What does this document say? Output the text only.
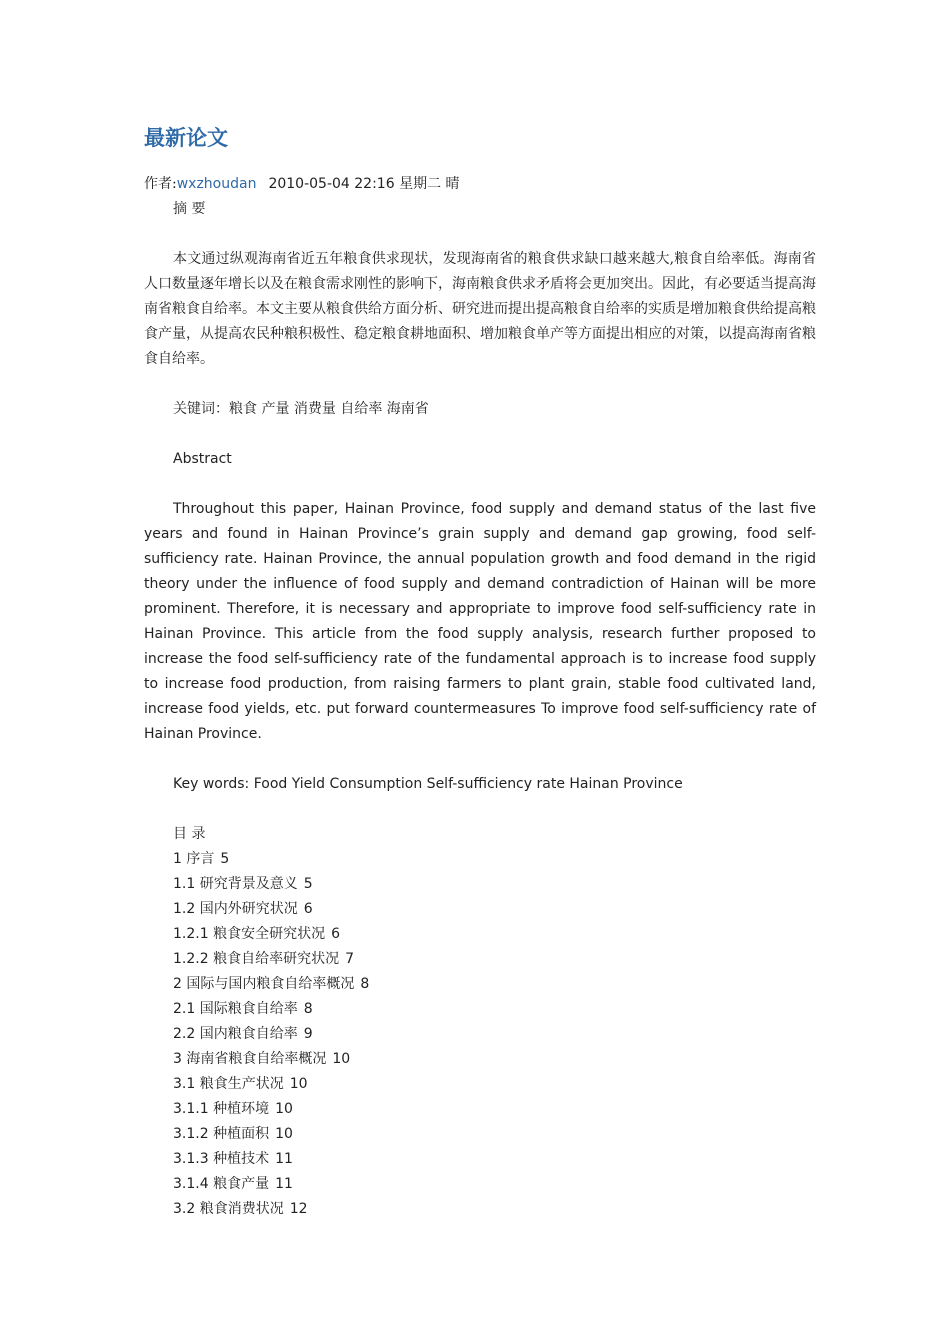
最新论文
作者:wxzhoudan 2010-05-04 22:16 星期二 晴

摘 要

本文通过纵观海南省近五年粮食供求现状，发现海南省的粮食供求缺口越来越大,粮食自给率低。海南省人口数量逐年增长以及在粮食需求刚性的影响下，海南粮食供求矛盾将会更加突出。因此，有必要适当提高海南省粮食自给率。本文主要从粮食供给方面分析、研究进而提出提高粮食自给率的实质是增加粮食供给提高粮食产量，从提高农民种粮积极性、稳定粮食耕地面积、增加粮食单产等方面提出相应的对策，以提高海南省粮食自给率。

关键词：粮食 产量 消费量 自给率 海南省

Abstract

Throughout this paper, Hainan Province, food supply and demand status of the last five years and found in Hainan Province’s grain supply and demand gap growing, food self-sufficiency rate. Hainan Province, the annual population growth and food demand in the rigid theory under the influence of food supply and demand contradiction of Hainan will be more prominent. Therefore, it is necessary and appropriate to improve food self-sufficiency rate in Hainan Province. This article from the food supply analysis, research further proposed to increase the food self-sufficiency rate of the fundamental approach is to increase food supply to increase food production, from raising farmers to plant grain, stable food cultivated land, increase food yields, etc. put forward countermeasures To improve food self-sufficiency rate of Hainan Province.

Key words: Food Yield Consumption Self-sufficiency rate Hainan Province

目 录

1 序言 5
1.1 研究背景及意义 5
1.2 国内外研究状况 6
1.2.1 粮食安全研究状况 6
1.2.2 粮食自给率研究状况 7
2 国际与国内粮食自给率概况 8
2.1 国际粮食自给率 8
2.2 国内粮食自给率 9
3 海南省粮食自给率概况 10
3.1 粮食生产状况 10
3.1.1 种植环境 10
3.1.2 种植面积 10
3.1.3 种植技术 11
3.1.4 粮食产量 11
3.2 粮食消费状况 12
